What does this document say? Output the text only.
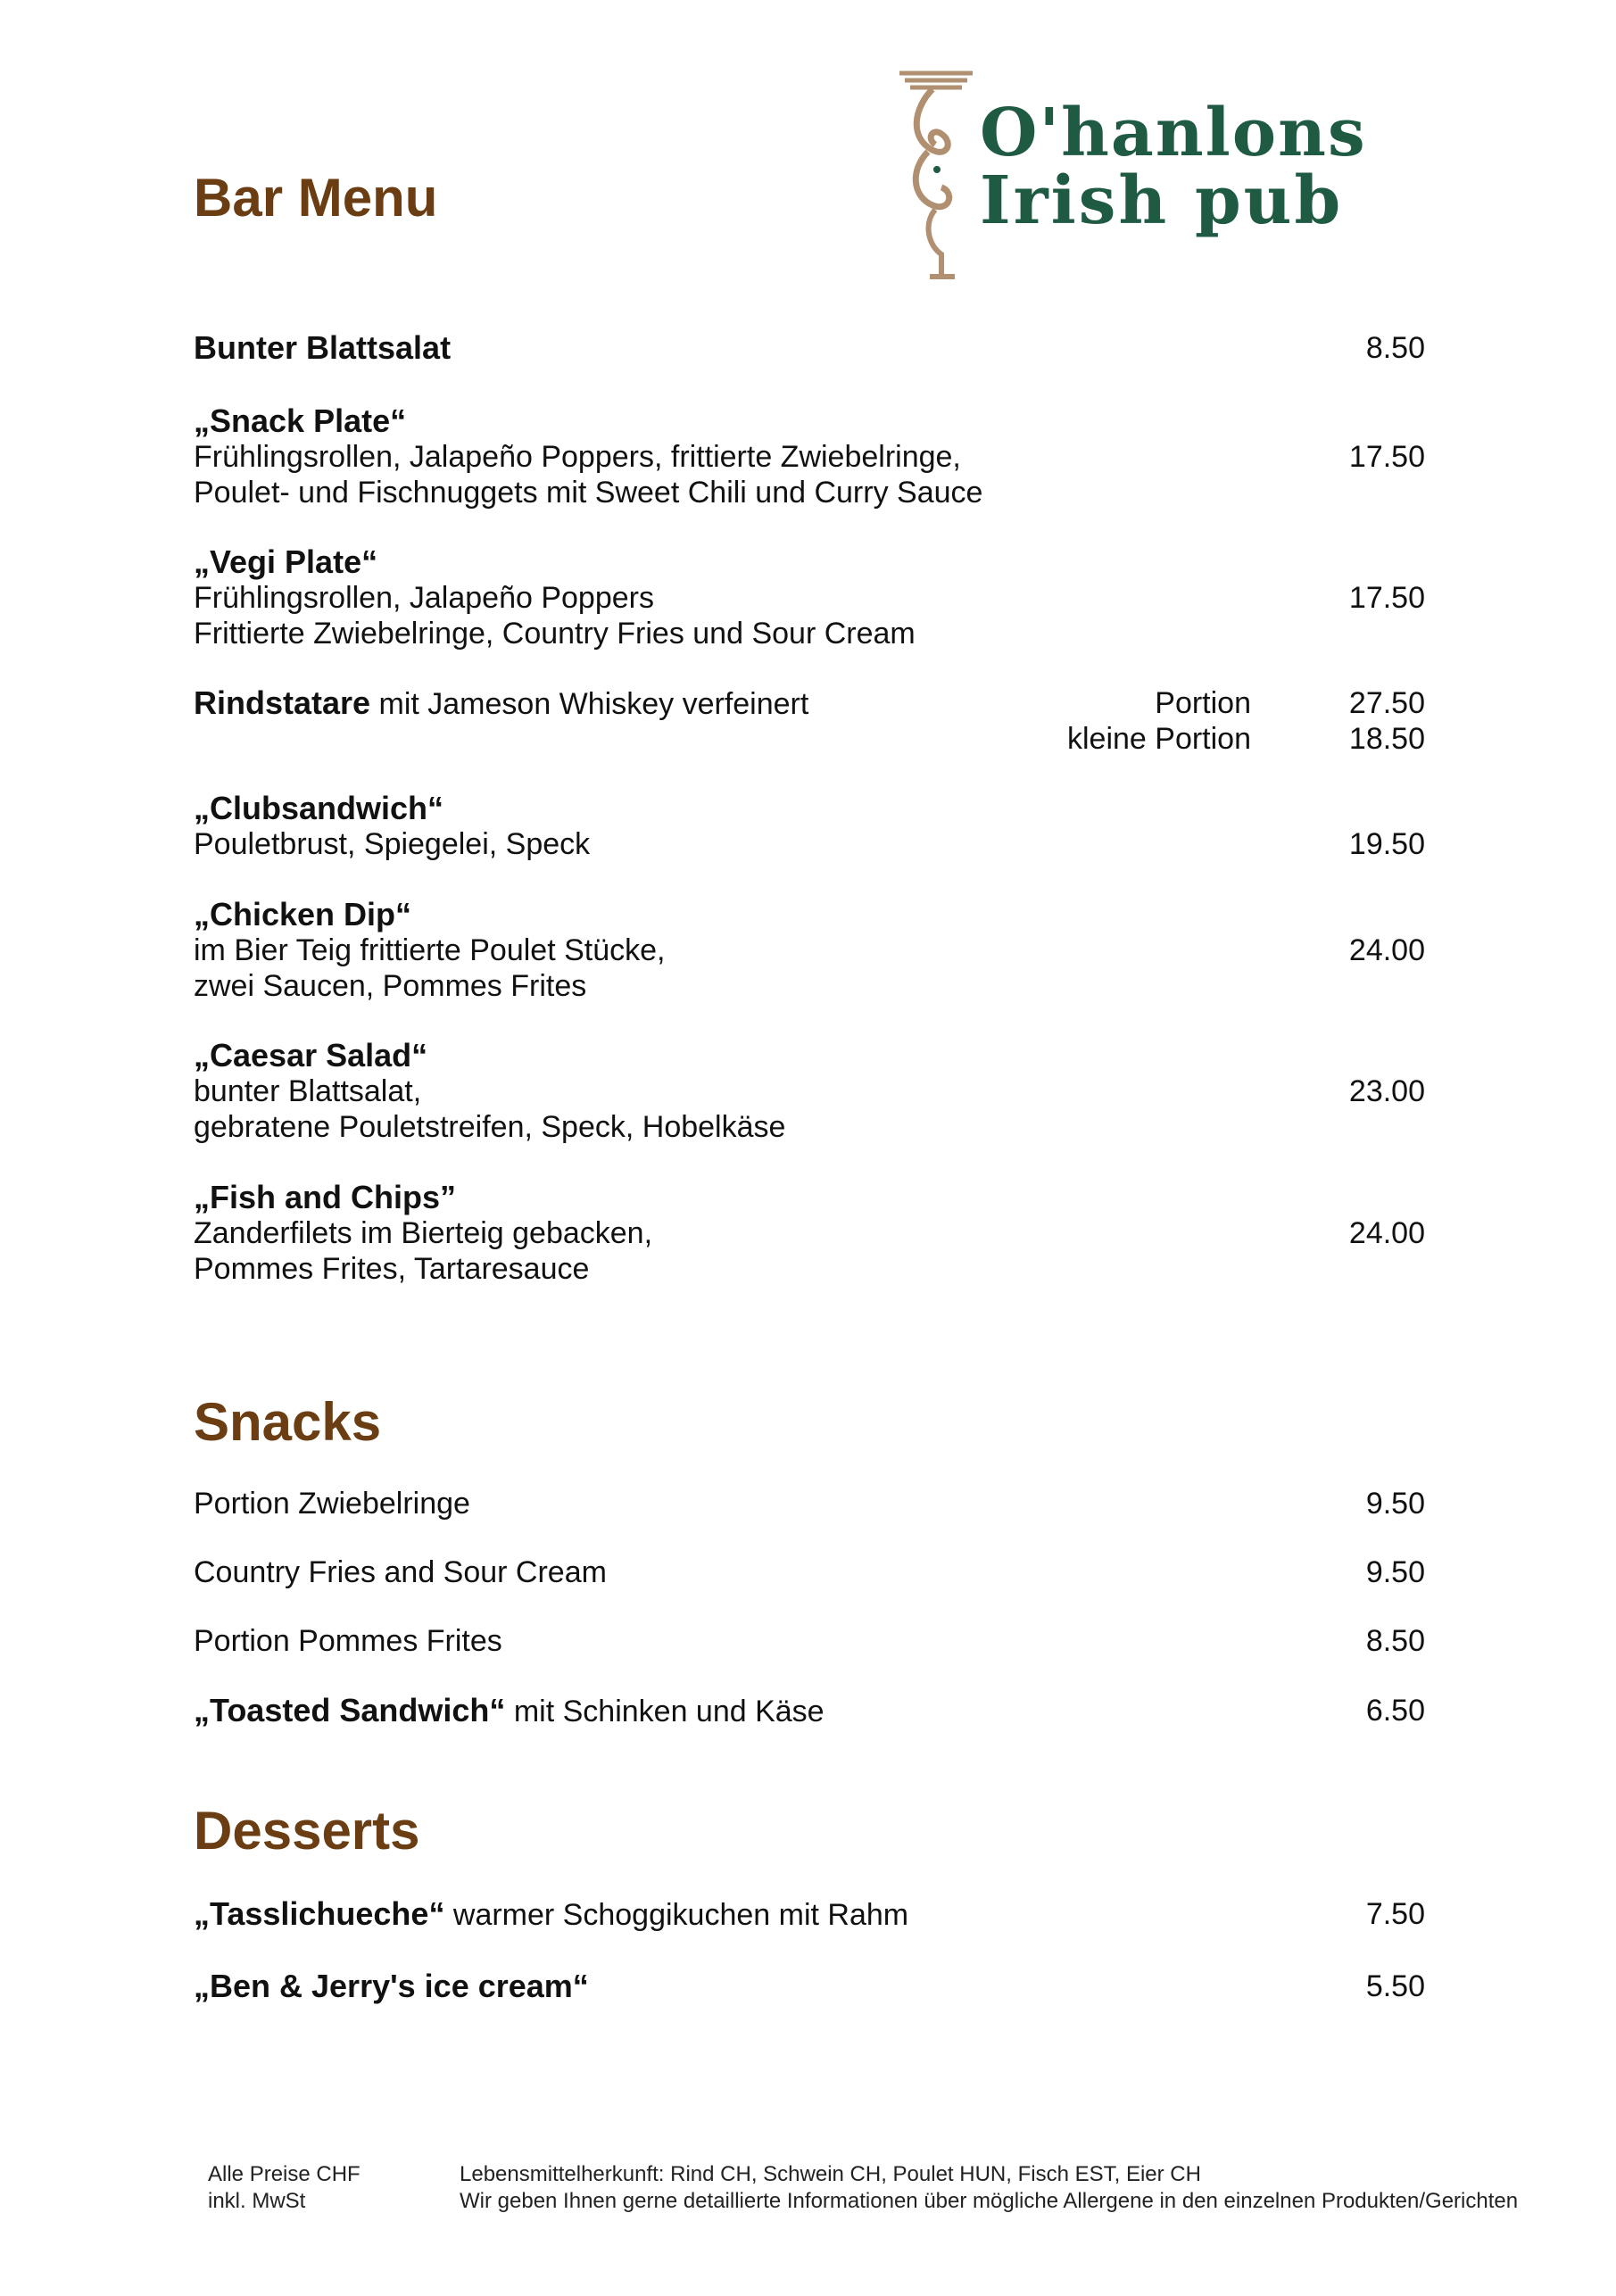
O'hanlons
Irish pub
Bar Menu
Bunter Blattsalat	8.50
„Snack Plate“
Frühlingsrollen, Jalapeño Poppers, frittierte Zwiebelringe,	17.50
Poulet- und Fischnuggets mit Sweet Chili und Curry Sauce
„Vegi Plate“
Frühlingsrollen, Jalapeño Poppers	17.50
Frittierte Zwiebelringe, Country Fries und Sour Cream
Rindstatare mit Jameson Whiskey verfeinert	Portion	27.50
kleine Portion	18.50
„Clubsandwich“
Pouletbrust, Spiegelei, Speck	19.50
„Chicken Dip“
im Bier Teig frittierte Poulet Stücke,	24.00
zwei Saucen, Pommes Frites
„Caesar Salad“
bunter Blattsalat,	23.00
gebratene Pouletstreifen, Speck, Hobelkäse
„Fish and Chips”
Zanderfilets im Bierteig gebacken,	24.00
Pommes Frites, Tartaresauce
Snacks
Portion Zwiebelringe	9.50
Country Fries and Sour Cream	9.50
Portion Pommes Frites	8.50
„Toasted Sandwich“ mit Schinken und Käse	6.50
Desserts
„Tasslichueche“ warmer Schoggikuchen mit Rahm	7.50
„Ben & Jerry's ice cream“	5.50
Alle Preise CHF
inkl. MwSt
Lebensmittelherkunft: Rind CH, Schwein CH, Poulet HUN, Fisch EST, Eier CH
Wir geben Ihnen gerne detaillierte Informationen über mögliche Allergene in den einzelnen Produkten/Gerichten
